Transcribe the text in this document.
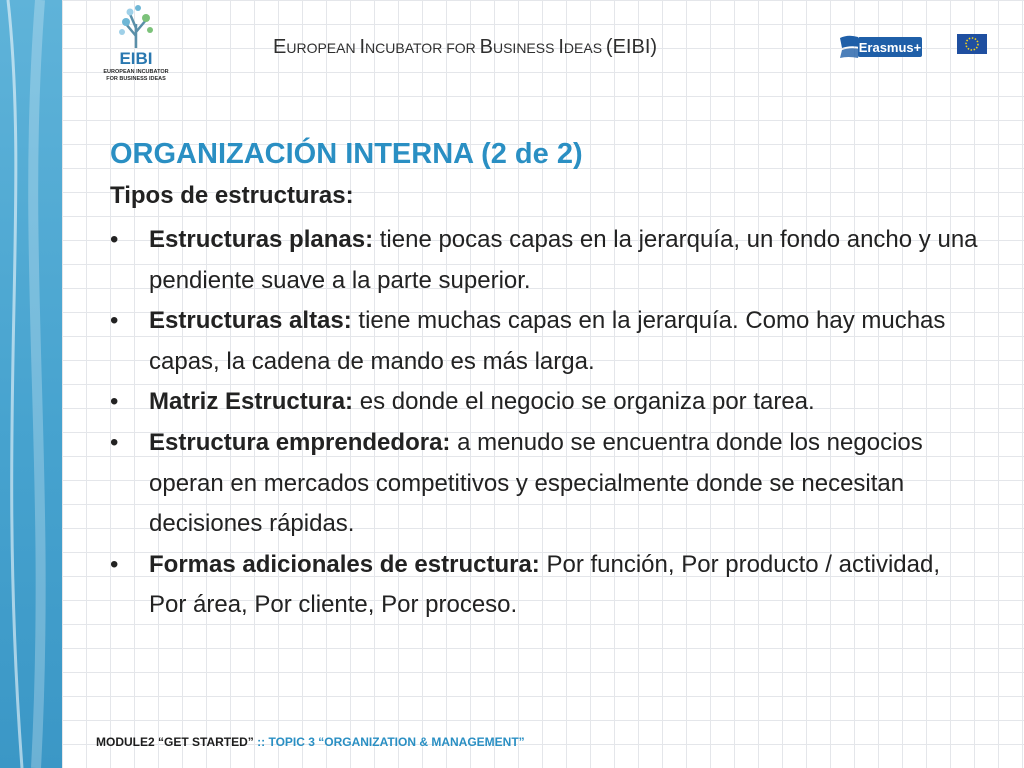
EIBI
EUROPEAN INCUBATOR
FOR BUSINESS IDEAS
EUROPEAN INCUBATOR FOR BUSINESS IDEAS (EIBI)	Erasmus+
ORGANIZACIÓN INTERNA (2 de 2)
Tipos de estructuras:
• Estructuras planas: tiene pocas capas en la jerarquía, un fondo ancho y una pendiente suave a la parte superior.
• Estructuras altas: tiene muchas capas en la jerarquía. Como hay muchas capas, la cadena de mando es más larga.
• Matriz Estructura: es donde el negocio se organiza por tarea.
• Estructura emprendedora: a menudo se encuentra donde los negocios operan en mercados competitivos y especialmente donde se necesitan decisiones rápidas.
• Formas adicionales de estructura: Por función, Por producto / actividad, Por área, Por cliente, Por proceso.
MODULE2 “GET STARTED” :: TOPIC 3 “ORGANIZATION & MANAGEMENT”
